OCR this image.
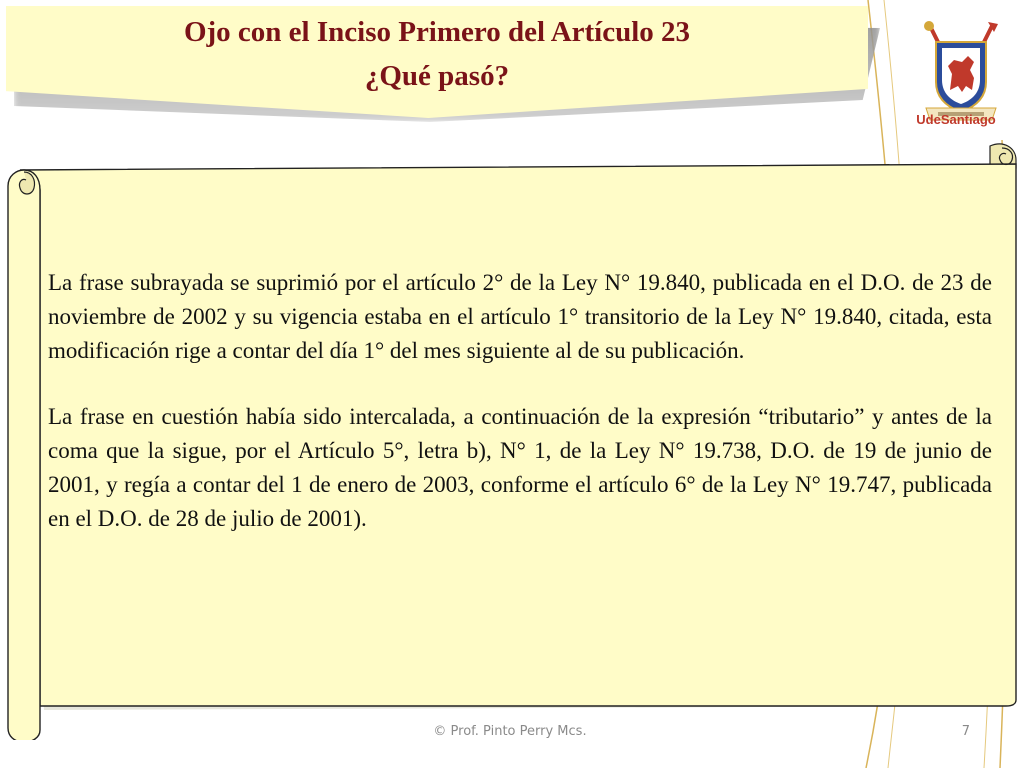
Ojo con el Inciso Primero del Artículo 23
¿Qué pasó?
UdeSantiago

La frase subrayada se suprimió por el artículo 2° de la Ley N° 19.840, publicada en el D.O. de 23 de noviembre de 2002 y su vigencia estaba en el artículo 1° transitorio de la Ley N° 19.840, citada, esta modificación rige a contar del día 1° del mes siguiente al de su publicación.

La frase en cuestión había sido intercalada, a continuación de la expresión “tributario” y antes de la coma que la sigue, por el Artículo 5°, letra b), N° 1, de la Ley N° 19.738, D.O. de 19 de junio de 2001, y regía a contar del 1 de enero de 2003, conforme el artículo 6° de la Ley N° 19.747, publicada en el D.O. de 28 de julio de 2001).

© Prof. Pinto Perry Mcs.	7
